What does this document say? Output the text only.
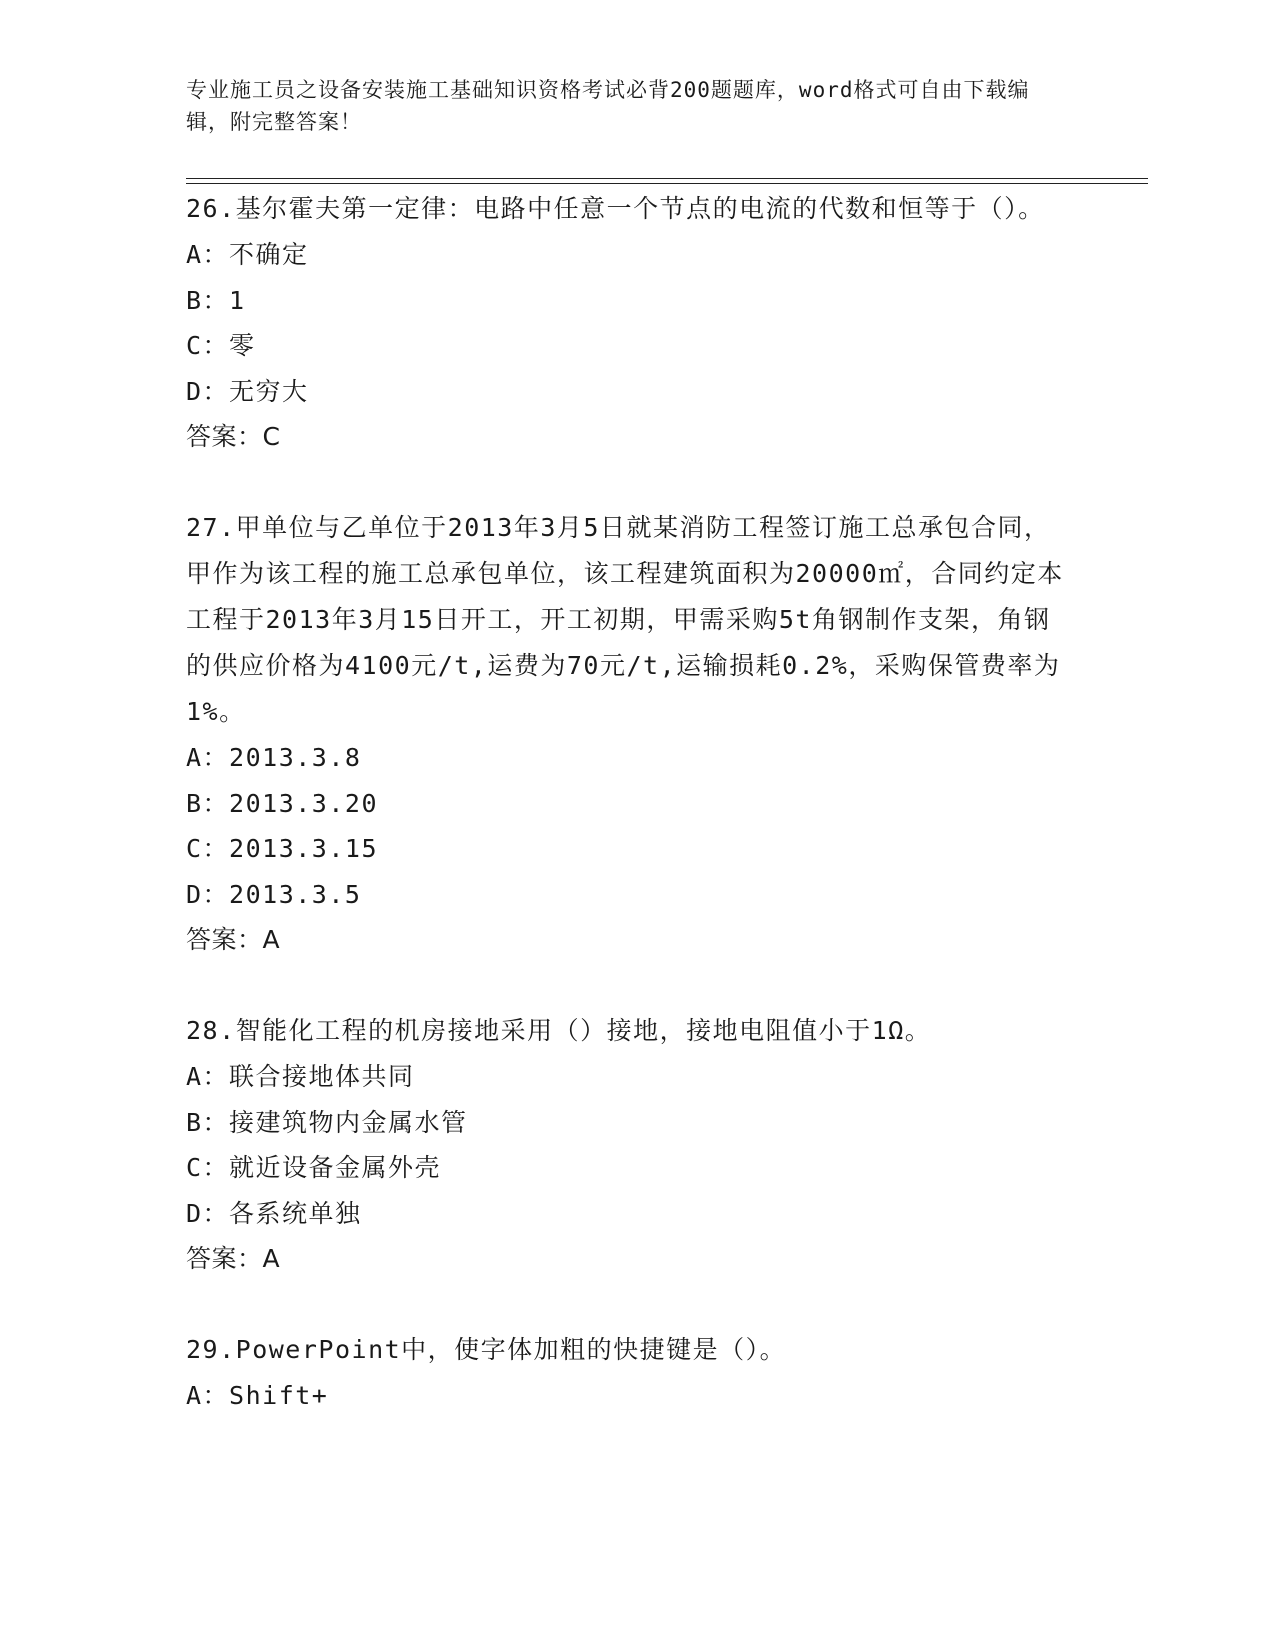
专业施工员之设备安装施工基础知识资格考试必背200题题库，word格式可自由下载编辑，附完整答案！

26.基尔霍夫第一定律：电路中任意一个节点的电流的代数和恒等于（）。

A：不确定

B：1

C：零

D：无穷大

答案：C

27.甲单位与乙单位于2013年3月5日就某消防工程签订施工总承包合同，甲作为该工程的施工总承包单位，该工程建筑面积为20000㎡，合同约定本工程于2013年3月15日开工，开工初期，甲需采购5t角钢制作支架，角钢的供应价格为4100元/t,运费为70元/t,运输损耗0.2%，采购保管费率为1%。

A：2013.3.8

B：2013.3.20

C：2013.3.15

D：2013.3.5

答案：A

28.智能化工程的机房接地采用（）接地，接地电阻值小于1Ω。

A：联合接地体共同

B：接建筑物内金属水管

C：就近设备金属外壳

D：各系统单独

答案：A

29.PowerPoint中，使字体加粗的快捷键是（）。

A：Shift+
